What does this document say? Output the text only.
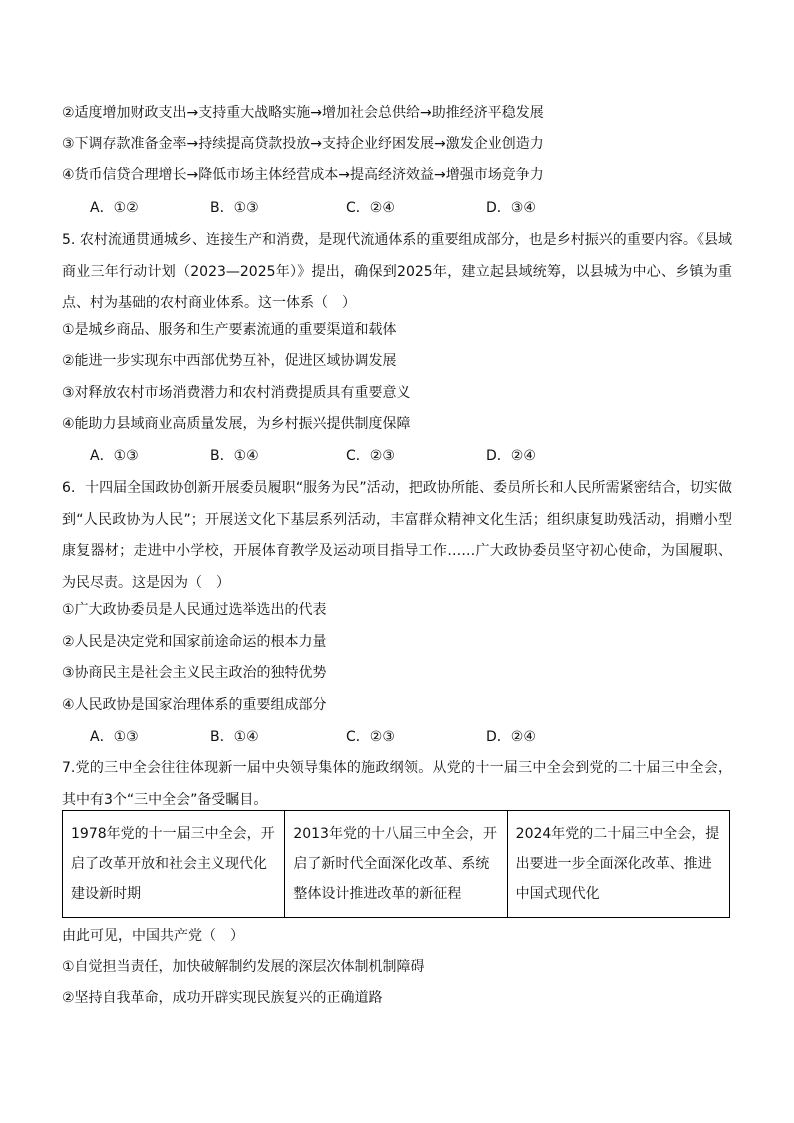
②适度增加财政支出→支持重大战略实施→增加社会总供给→助推经济平稳发展
③下调存款准备金率→持续提高贷款投放→支持企业纾困发展→激发企业创造力
④货币信贷合理增长→降低市场主体经营成本→提高经济效益→增强市场竞争力
A．①②	B．①③	C．②④	D．③④
5. 农村流通贯通城乡、连接生产和消费，是现代流通体系的重要组成部分，也是乡村振兴的重要内容。《县域商业三年行动计划（2023—2025年）》提出，确保到2025年，建立起县域统筹，以县城为中心、乡镇为重点、村为基础的农村商业体系。这一体系（　）
①是城乡商品、服务和生产要素流通的重要渠道和载体
②能进一步实现东中西部优势互补，促进区域协调发展
③对释放农村市场消费潜力和农村消费提质具有重要意义
④能助力县域商业高质量发展，为乡村振兴提供制度保障
A．①③	B．①④	C．②③	D．②④
6．十四届全国政协创新开展委员履职“服务为民”活动，把政协所能、委员所长和人民所需紧密结合，切实做到“人民政协为人民”；开展送文化下基层系列活动，丰富群众精神文化生活；组织康复助残活动，捐赠小型康复器材；走进中小学校，开展体育教学及运动项目指导工作……广大政协委员坚守初心使命，为国履职、为民尽责。这是因为（　）
①广大政协委员是人民通过选举选出的代表
②人民是决定党和国家前途命运的根本力量
③协商民主是社会主义民主政治的独特优势
④人民政协是国家治理体系的重要组成部分
A．①③	B．①④	C．②③	D．②④
7.党的三中全会往往体现新一届中央领导集体的施政纲领。从党的十一届三中全会到党的二十届三中全会，其中有3个“三中全会”备受瞩目。
1978年党的十一届三中全会，开启了改革开放和社会主义现代化建设新时期	2013年党的十八届三中全会，开启了新时代全面深化改革、系统整体设计推进改革的新征程	2024年党的二十届三中全会，提出要进一步全面深化改革、推进中国式现代化
由此可见，中国共产党（　）
①自觉担当责任，加快破解制约发展的深层次体制机制障碍
②坚持自我革命，成功开辟实现民族复兴的正确道路
